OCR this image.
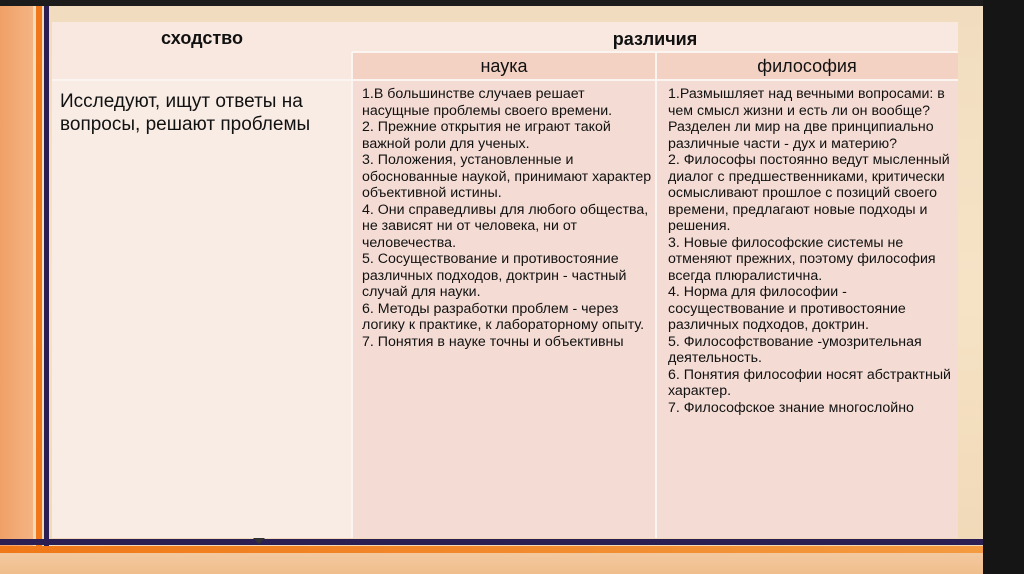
сходство	различия
наука	философия
Исследуют, ищут ответы на вопросы, решают проблемы
1.В большинстве случаев решает насущные проблемы своего времени.
2. Прежние открытия не играют такой важной роли для ученых.
3. Положения, установленные и обоснованные наукой, принимают характер объективной истины.
4. Они справедливы для любого общества, не зависят ни от человека, ни от человечества.
5. Сосуществование и противостояние различных подходов, доктрин - частный случай для науки.
6. Методы разработки проблем - через логику к практике, к лабораторному опыту.
7. Понятия в науке точны и объективны
1.Размышляет над вечными вопросами: в чем смысл жизни и есть ли он вообще? Разделен ли мир на две принципиально различные части - дух и материю?
2. Философы постоянно ведут мысленный диалог с предшественниками, критически осмысливают прошлое с позиций своего времени, предлагают новые подходы и решения.
3. Новые философские системы не отменяют прежних, поэтому философия всегда плюралистична.
4. Норма для философии - сосуществование и противостояние различных подходов, доктрин.
5. Философствование -умозрительная деятельность.
6. Понятия философии носят абстрактный характер.
7. Философское знание многослойно
